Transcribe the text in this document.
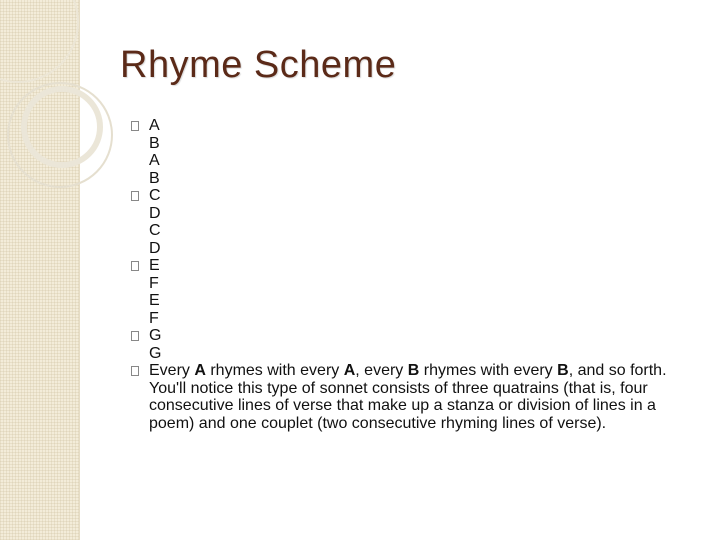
Rhyme Scheme
A
B
A
B
C
D
C
D
E
F
E
F
G
G
Every A rhymes with every A, every B rhymes with every B, and so forth. You'll notice this type of sonnet consists of three quatrains (that is, four consecutive lines of verse that make up a stanza or division of lines in a poem) and one couplet (two consecutive rhyming lines of verse).
